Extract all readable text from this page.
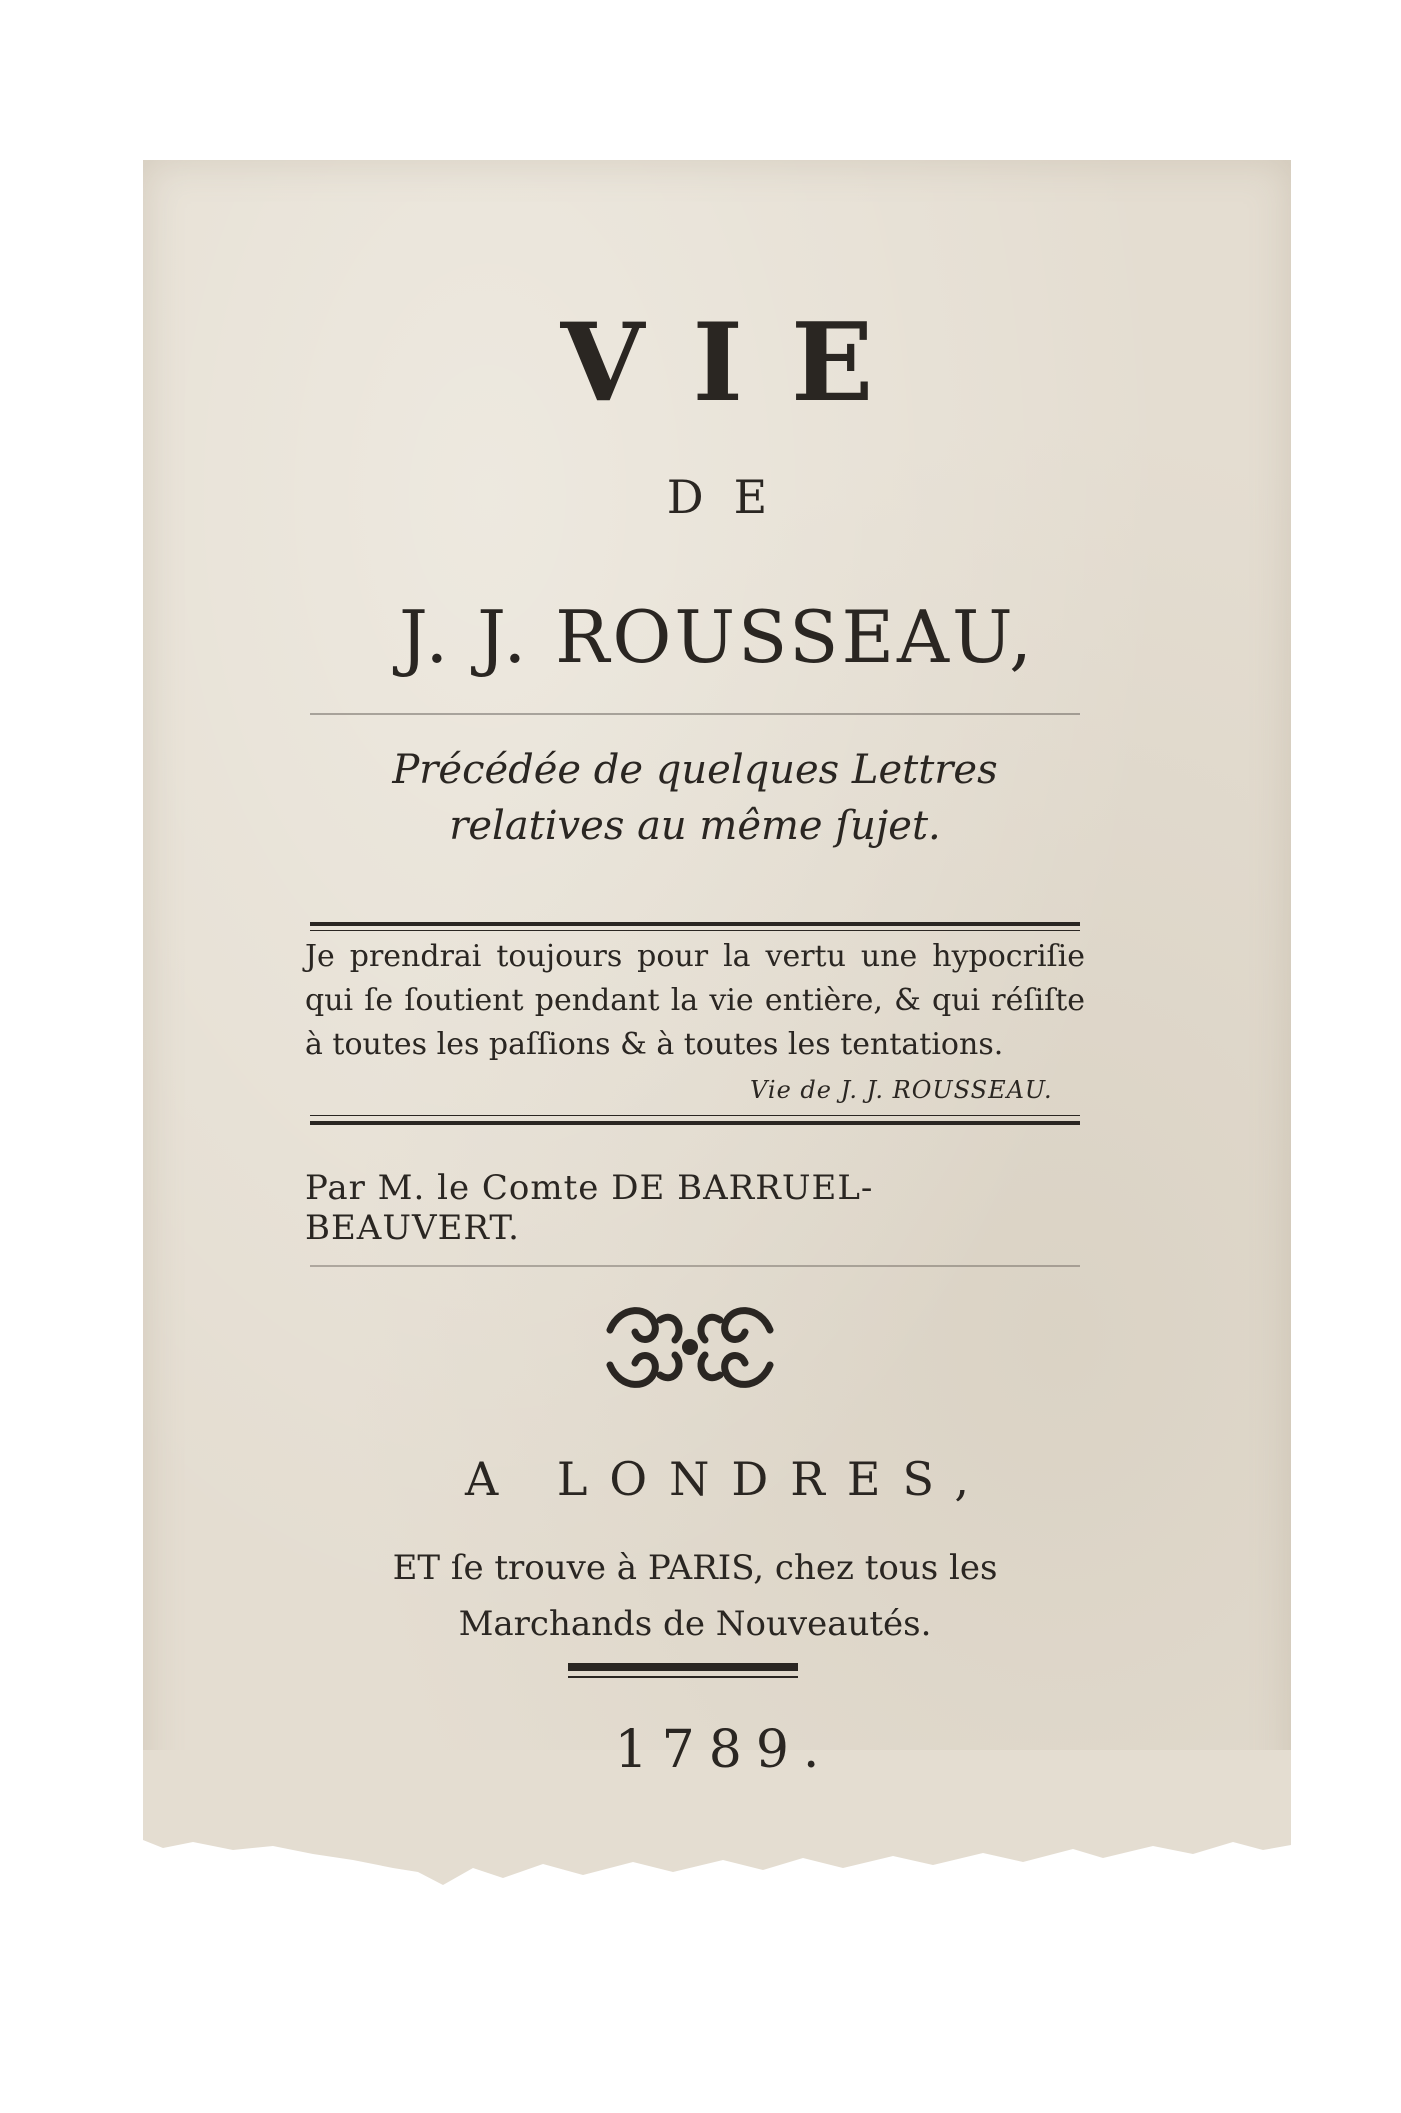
VIE
DE
J. J. ROUSSEAU,
Précédée de quelques Lettres relatives au même ſujet.
Je prendrai toujours pour la vertu une hypocriſie qui ſe ſoutient pendant la vie entière, & qui réſiſte à toutes les paſſions & à toutes les tentations.
Vie de J. J. ROUSSEAU.
Par M. le Comte DE BARRUEL-BEAUVERT.
A LONDRES,
ET ſe trouve à PARIS, chez tous les Marchands de Nouveautés.
1789.
